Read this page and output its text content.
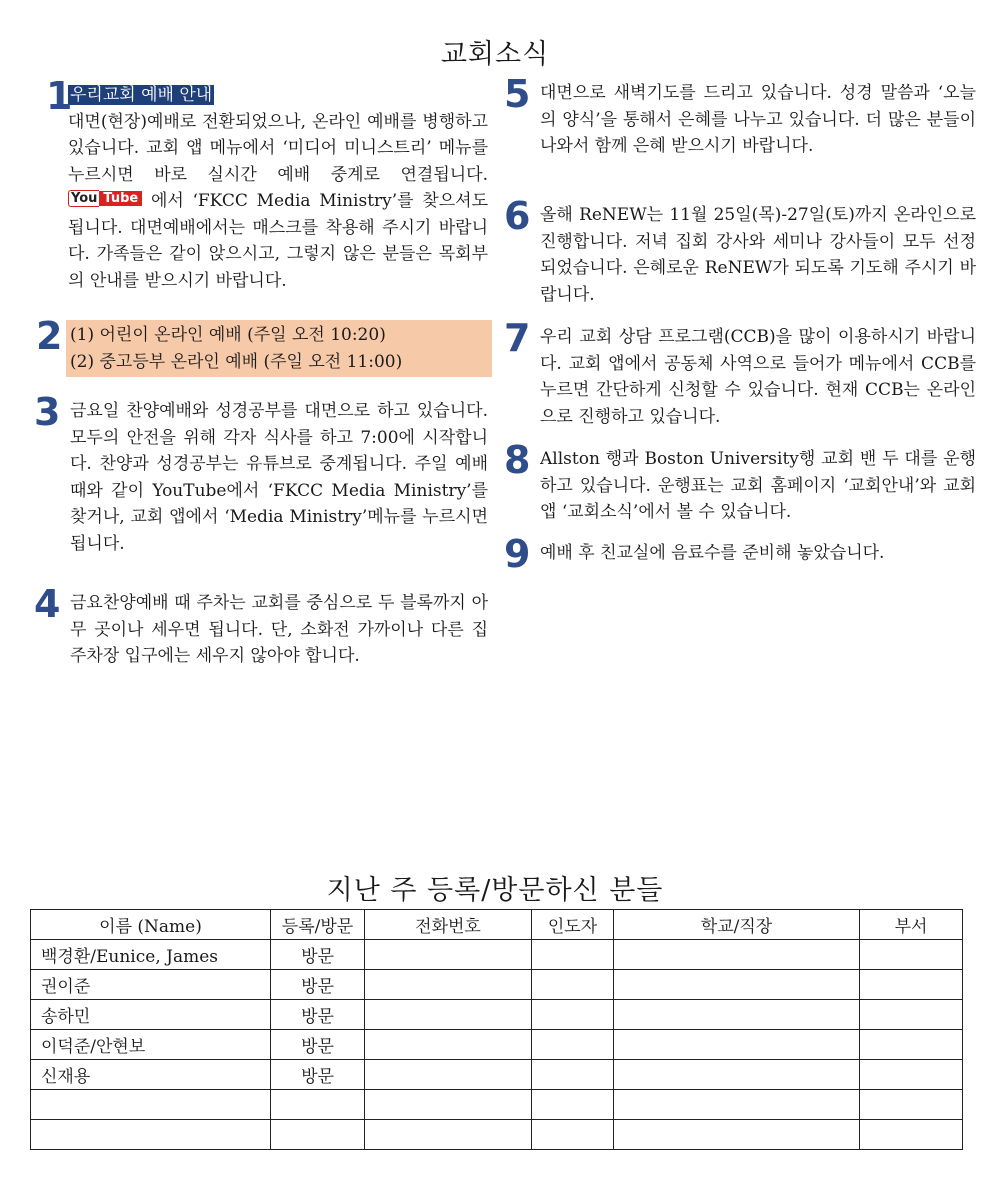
교회소식
1
우리교회 예배 안내
대면(현장)예배로 전환되었으나, 온라인 예배를 병행하고 있습니다. 교회 앱 메뉴에서 ‘미디어 미니스트리’ 메뉴를 누르시면 바로 실시간 예배 중계로 연결됩니다. You Tube 에서 ‘FKCC Media Ministry’를 찾으셔도 됩니다. 대면예배에서는 매스크를 착용해 주시기 바랍니다. 가족들은 같이 앉으시고, 그렇지 않은 분들은 목회부의 안내를 받으시기 바랍니다.
2 (1) 어린이 온라인 예배 (주일 오전 10:20)
(2) 중고등부 온라인 예배 (주일 오전 11:00)
3 금요일 찬양예배와 성경공부를 대면으로 하고 있습니다. 모두의 안전을 위해 각자 식사를 하고 7:00에 시작합니다. 찬양과 성경공부는 유튜브로 중계됩니다. 주일 예배 때와 같이 YouTube에서 ‘FKCC Media Ministry’를 찾거나, 교회 앱에서 ‘Media Ministry’메뉴를 누르시면 됩니다.
4 금요찬양예배 때 주차는 교회를 중심으로 두 블록까지 아무 곳이나 세우면 됩니다. 단, 소화전 가까이나 다른 집 주차장 입구에는 세우지 않아야 합니다.
5 대면으로 새벽기도를 드리고 있습니다. 성경 말씀과 ‘오늘의 양식’을 통해서 은혜를 나누고 있습니다. 더 많은 분들이 나와서 함께 은혜 받으시기 바랍니다.
6 올해 ReNEW는 11월 25일(목)-27일(토)까지 온라인으로 진행합니다. 저녁 집회 강사와 세미나 강사들이 모두 선정되었습니다. 은혜로운 ReNEW가 되도록 기도해 주시기 바랍니다.
7 우리 교회 상담 프로그램(CCB)을 많이 이용하시기 바랍니다. 교회 앱에서 공동체 사역으로 들어가 메뉴에서 CCB를 누르면 간단하게 신청할 수 있습니다. 현재 CCB는 온라인으로 진행하고 있습니다.
8 Allston 행과 Boston University행 교회 밴 두 대를 운행하고 있습니다. 운행표는 교회 홈페이지 ‘교회안내’와 교회 앱 ‘교회소식’에서 볼 수 있습니다.
9 예배 후 친교실에 음료수를 준비해 놓았습니다.
지난 주 등록/방문하신 분들
이름 (Name)	등록/방문	전화번호	인도자	학교/직장	부서
백경환/Eunice, James	방문				
권이준	방문				
송하민	방문				
이덕준/안현보	방문				
신재용	방문				
